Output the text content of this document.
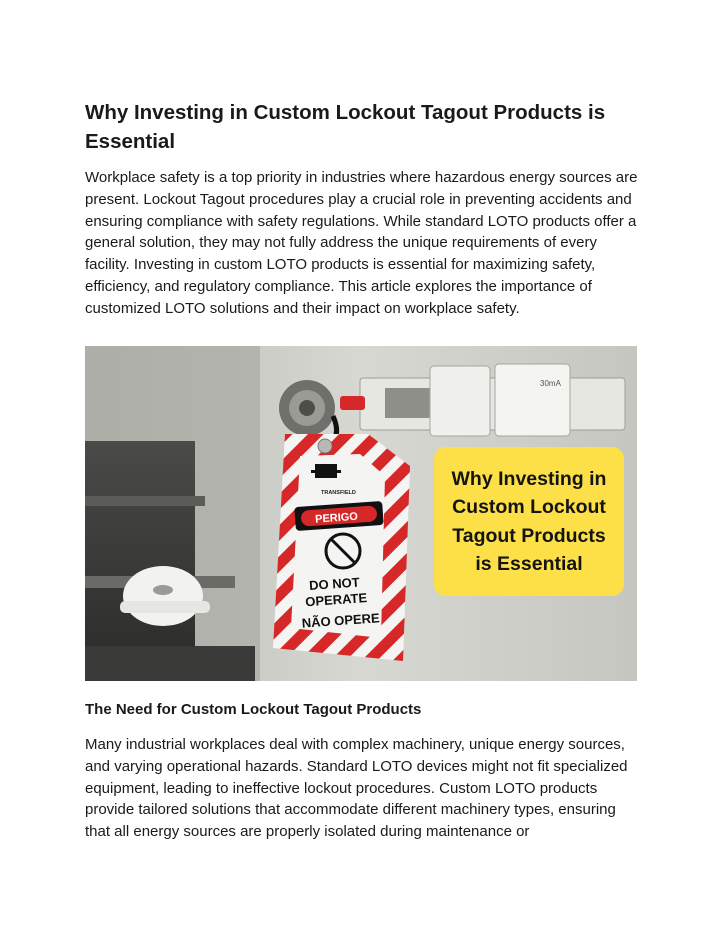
Why Investing in Custom Lockout Tagout Products is Essential

Workplace safety is a top priority in industries where hazardous energy sources are present. Lockout Tagout procedures play a crucial role in preventing accidents and ensuring compliance with safety regulations. While standard LOTO products offer a general solution, they may not fully address the unique requirements of every facility. Investing in custom LOTO products is essential for maximizing safety, efficiency, and regulatory compliance. This article explores the importance of customized LOTO solutions and their impact on workplace safety.

30mA
TRANSFIELD
PERIGO
DO NOT
OPERATE
NÃO OPERE
Why Investing in Custom Lockout Tagout Products is Essential
The Need for Custom Lockout Tagout Products

Many industrial workplaces deal with complex machinery, unique energy sources, and varying operational hazards. Standard LOTO devices might not fit specialized equipment, leading to ineffective lockout procedures. Custom LOTO products provide tailored solutions that accommodate different machinery types, ensuring that all energy sources are properly isolated during maintenance or
